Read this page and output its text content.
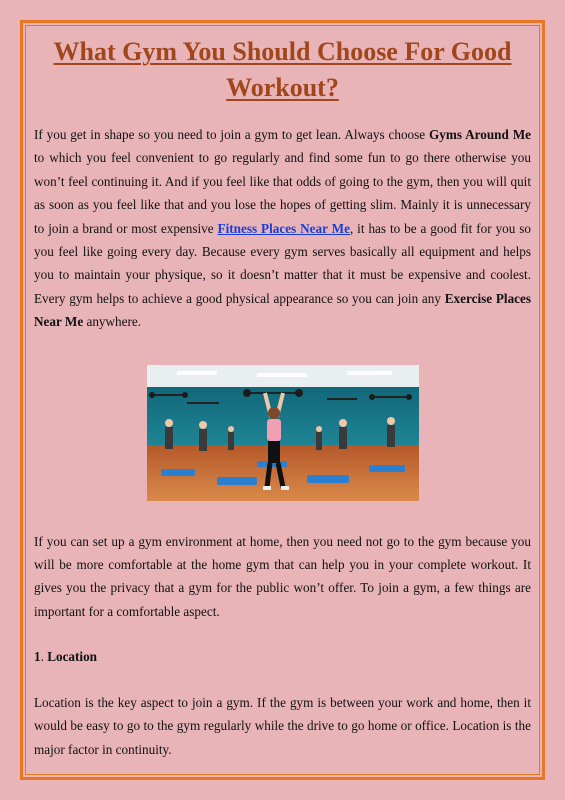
What Gym You Should Choose For Good Workout?

If you get in shape so you need to join a gym to get lean. Always choose Gyms Around Me to which you feel convenient to go regularly and find some fun to go there otherwise you won’t feel continuing it. And if you feel like that odds of going to the gym, then you will quit as soon as you feel like that and you lose the hopes of getting slim. Mainly it is unnecessary to join a brand or most expensive Fitness Places Near Me, it has to be a good fit for you so you feel like going every day. Because every gym serves basically all equipment and helps you to maintain your physique, so it doesn’t matter that it must be expensive and coolest. Every gym helps to achieve a good physical appearance so you can join any Exercise Places Near Me anywhere.

If you can set up a gym environment at home, then you need not go to the gym because you will be more comfortable at the home gym that can help you in your complete workout. It gives you the privacy that a gym for the public won’t offer. To join a gym, a few things are important for a comfortable aspect.

1. Location

Location is the key aspect to join a gym. If the gym is between your work and home, then it would be easy to go to the gym regularly while the drive to go home or office. Location is the major factor in continuity.
